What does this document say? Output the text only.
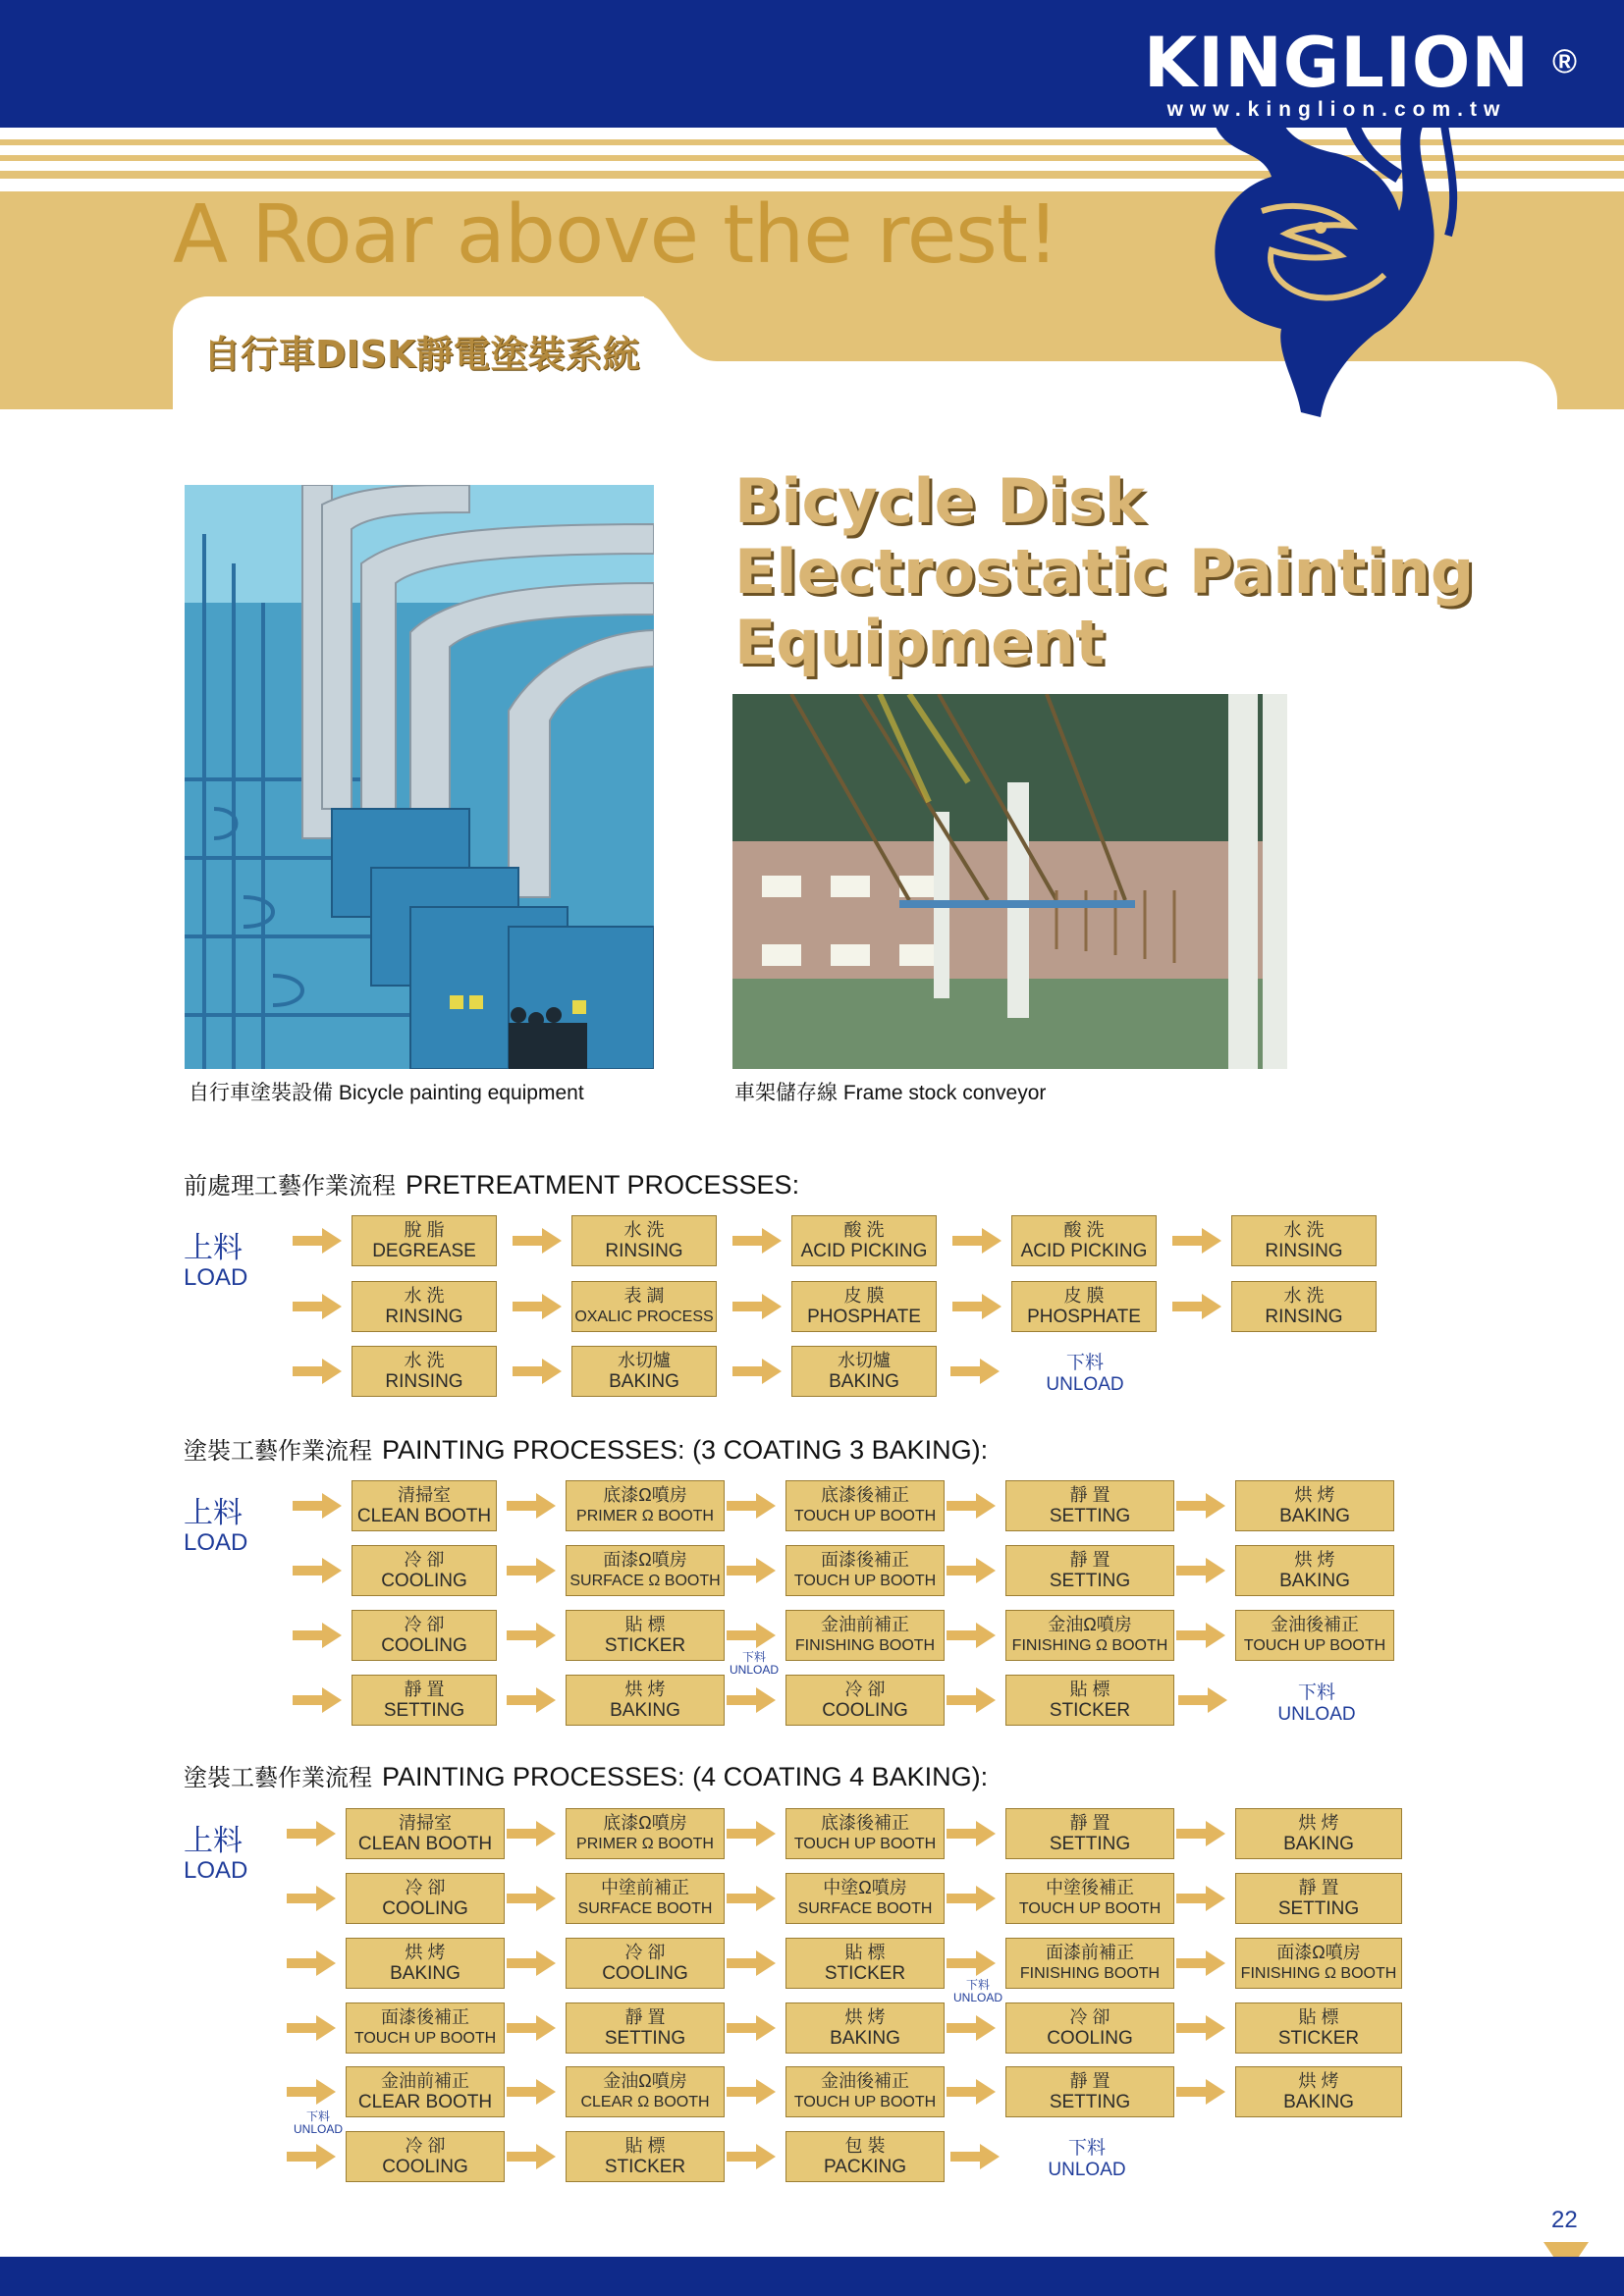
KINGLION ®
www.kinglion.com.tw
A Roar above the rest!
自行車DISK靜電塗裝系統
Bicycle Disk
Electrostatic Painting
Equipment
自行車塗裝設備 Bicycle painting equipment	車架儲存線 Frame stock conveyor
前處理工藝作業流程 PRETREATMENT PROCESSES:
上料
LOAD
脫 脂
DEGREASE
水 洗
RINSING
酸 洗
ACID PICKING
酸 洗
ACID PICKING
水 洗
RINSING
水 洗
RINSING
表 調
OXALIC PROCESS
皮 膜
PHOSPHATE
皮 膜
PHOSPHATE
水 洗
RINSING
水 洗
RINSING
水切爐
BAKING
水切爐
BAKING
下料
UNLOAD
塗裝工藝作業流程 PAINTING PROCESSES: (3 COATING 3 BAKING):
上料
LOAD
清掃室
CLEAN BOOTH
底漆Ω噴房
PRIMER Ω BOOTH
底漆後補正
TOUCH UP BOOTH
靜 置
SETTING
烘 烤
BAKING
冷 卻
COOLING
面漆Ω噴房
SURFACE Ω BOOTH
面漆後補正
TOUCH UP BOOTH
靜 置
SETTING
烘 烤
BAKING
冷 卻
COOLING
貼 標
STICKER
金油前補正
FINISHING BOOTH
金油Ω噴房
FINISHING Ω BOOTH
金油後補正
TOUCH UP BOOTH
靜 置
SETTING
烘 烤
BAKING
冷 卻
COOLING
貼 標
STICKER
下料
UNLOAD
下料
UNLOAD
塗裝工藝作業流程 PAINTING PROCESSES: (4 COATING 4 BAKING):
上料
LOAD
清掃室
CLEAN BOOTH
底漆Ω噴房
PRIMER Ω BOOTH
底漆後補正
TOUCH UP BOOTH
靜 置
SETTING
烘 烤
BAKING
冷 卻
COOLING
中塗前補正
SURFACE BOOTH
中塗Ω噴房
SURFACE BOOTH
中塗後補正
TOUCH UP BOOTH
靜 置
SETTING
烘 烤
BAKING
冷 卻
COOLING
貼 標
STICKER
面漆前補正
FINISHING BOOTH
面漆Ω噴房
FINISHING Ω BOOTH
面漆後補正
TOUCH UP BOOTH
靜 置
SETTING
烘 烤
BAKING
冷 卻
COOLING
貼 標
STICKER
金油前補正
CLEAR BOOTH
金油Ω噴房
CLEAR Ω BOOTH
金油後補正
TOUCH UP BOOTH
靜 置
SETTING
烘 烤
BAKING
冷 卻
COOLING
貼 標
STICKER
包 裝
PACKING
下料
UNLOAD
下料
UNLOAD
下料
UNLOAD
22
